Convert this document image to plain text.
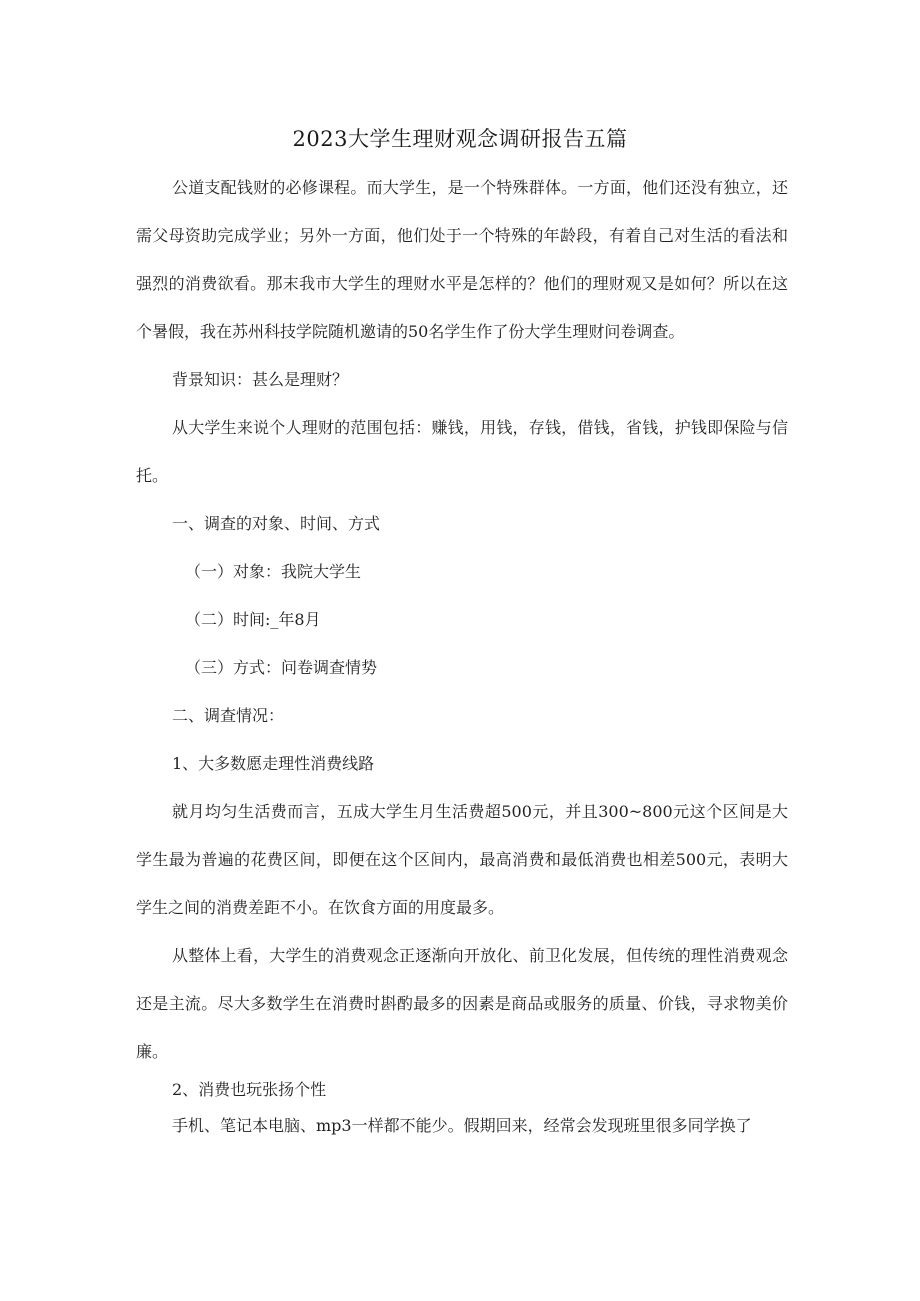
2023大学生理财观念调研报告五篇

公道支配钱财的必修课程。而大学生，是一个特殊群体。一方面，他们还没有独立，还需父母资助完成学业；另外一方面，他们处于一个特殊的年龄段，有着自己对生活的看法和强烈的消费欲看。那末我市大学生的理财水平是怎样的？他们的理财观又是如何？所以在这个暑假，我在苏州科技学院随机邀请的50名学生作了份大学生理财问卷调查。

背景知识：甚么是理财？

从大学生来说个人理财的范围包括：赚钱，用钱，存钱，借钱，省钱，护钱即保险与信托。

一、调查的对象、时间、方式

（一）对象：我院大学生

（二）时间:_年8月

（三）方式：问卷调查情势

二、调查情况：

1、大多数愿走理性消费线路

就月均匀生活费而言，五成大学生月生活费超500元，并且300~800元这个区间是大学生最为普遍的花费区间，即便在这个区间内，最高消费和最低消费也相差500元，表明大学生之间的消费差距不小。在饮食方面的用度最多。

从整体上看，大学生的消费观念正逐渐向开放化、前卫化发展，但传统的理性消费观念还是主流。尽大多数学生在消费时斟酌最多的因素是商品或服务的质量、价钱，寻求物美价廉。

2、消费也玩张扬个性

手机、笔记本电脑、mp3一样都不能少。假期回来，经常会发现班里很多同学换了
